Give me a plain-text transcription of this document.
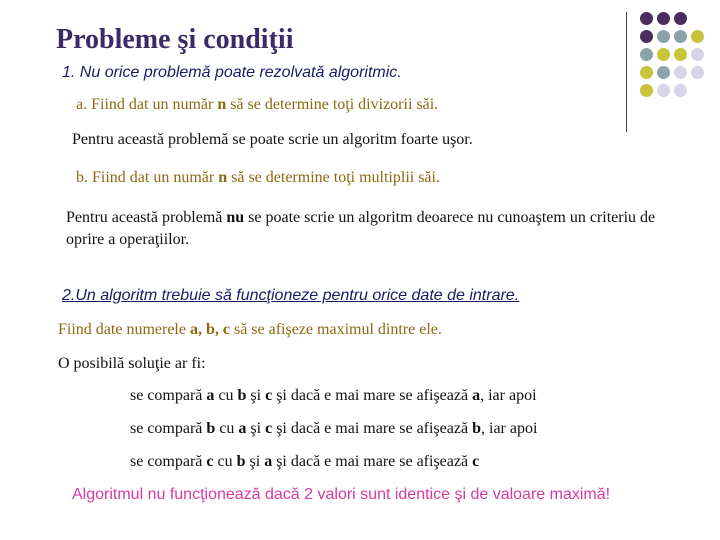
Probleme şi condiţii
1. Nu orice problemă poate rezolvată algoritmic.
a. Fiind dat un număr n să se determine toţi divizorii săi.
Pentru această problemă se poate scrie un algoritm foarte uşor.
b. Fiind dat un număr n să se determine toţi multiplii săi.
Pentru această problemă nu se poate scrie un algoritm deoarece nu cunoaştem un criteriu de oprire a operaţiilor.
2.Un algoritm trebuie să funcţioneze pentru orice date de intrare.
Fiind date numerele a, b, c să se afişeze maximul dintre ele.
O posibilă soluţie ar fi:
se compară a cu b şi c şi dacă e mai mare se afişează a, iar apoi
se compară b cu a şi c şi dacă e mai mare se afişează b, iar apoi
se compară c cu b şi a şi dacă e mai mare se afişează c
Algoritmul nu funcţionează dacă 2 valori sunt identice şi de valoare maximă!
